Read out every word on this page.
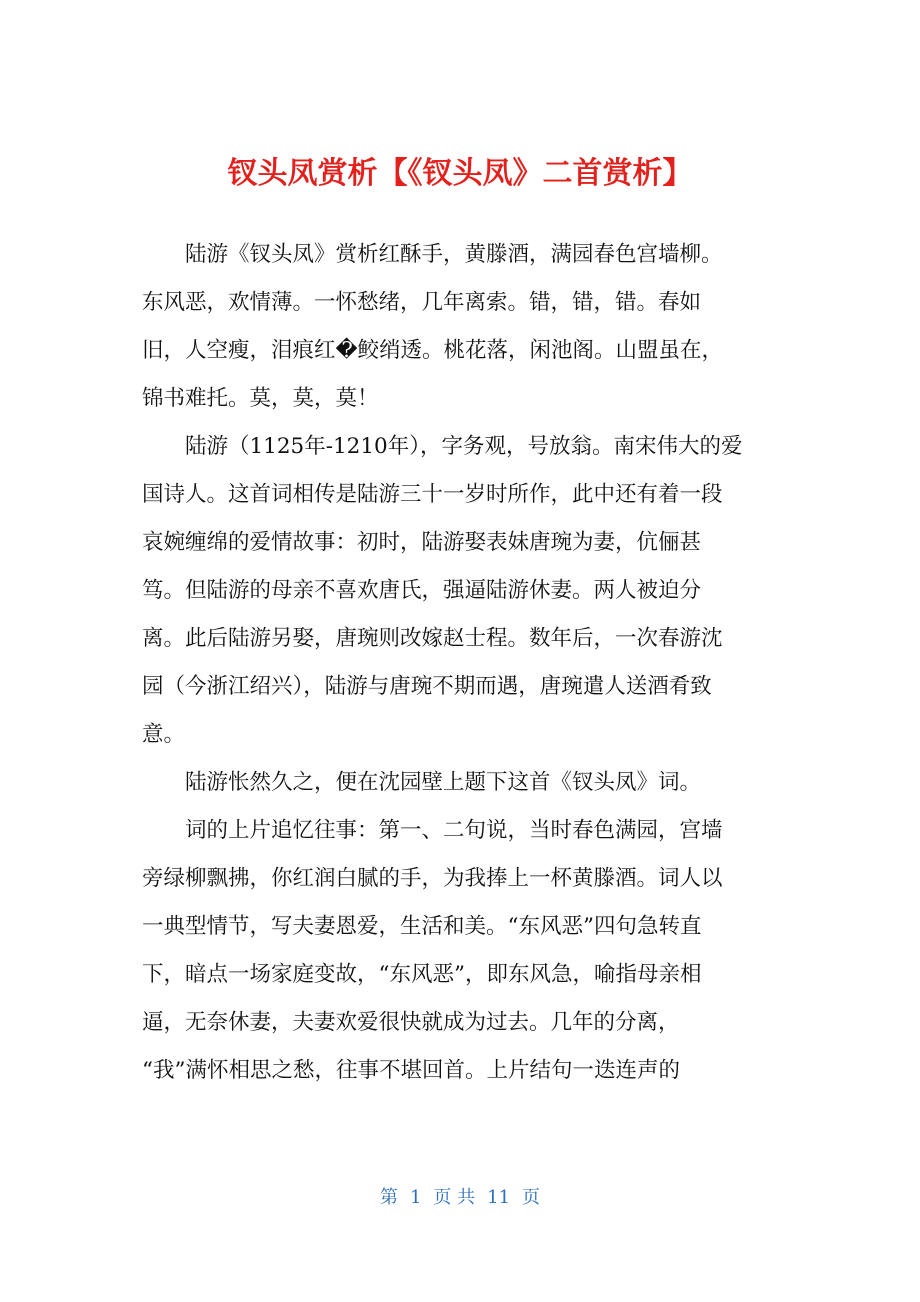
钗头凤赏析【《钗头凤》二首赏析】
陆游《钗头凤》赏析红酥手，黄滕酒，满园春色宫墙柳。
东风恶，欢情薄。一怀愁绪，几年离索。错，错，错。春如
旧，人空瘦，泪痕红�鲛绡透。桃花落，闲池阁。山盟虽在，
锦书难托。莫，莫，莫！
陆游（1125年-1210年），字务观，号放翁。南宋伟大的爱
国诗人。这首词相传是陆游三十一岁时所作，此中还有着一段
哀婉缠绵的爱情故事：初时，陆游娶表妹唐琬为妻，伉俪甚
笃。但陆游的母亲不喜欢唐氏，强逼陆游休妻。两人被迫分
离。此后陆游另娶，唐琬则改嫁赵士程。数年后，一次春游沈
园（今浙江绍兴），陆游与唐琬不期而遇，唐琬遣人送酒肴致
意。
陆游怅然久之，便在沈园壁上题下这首《钗头凤》词。
词的上片追忆往事：第一、二句说，当时春色满园，宫墙
旁绿柳飘拂，你红润白腻的手，为我捧上一杯黄滕酒。词人以
一典型情节，写夫妻恩爱，生活和美。“东风恶”四句急转直
下，暗点一场家庭变故，“东风恶”，即东风急，喻指母亲相
逼，无奈休妻，夫妻欢爱很快就成为过去。几年的分离，
“我”满怀相思之愁，往事不堪回首。上片结句一迭连声的
第 1 页 共 11 页
